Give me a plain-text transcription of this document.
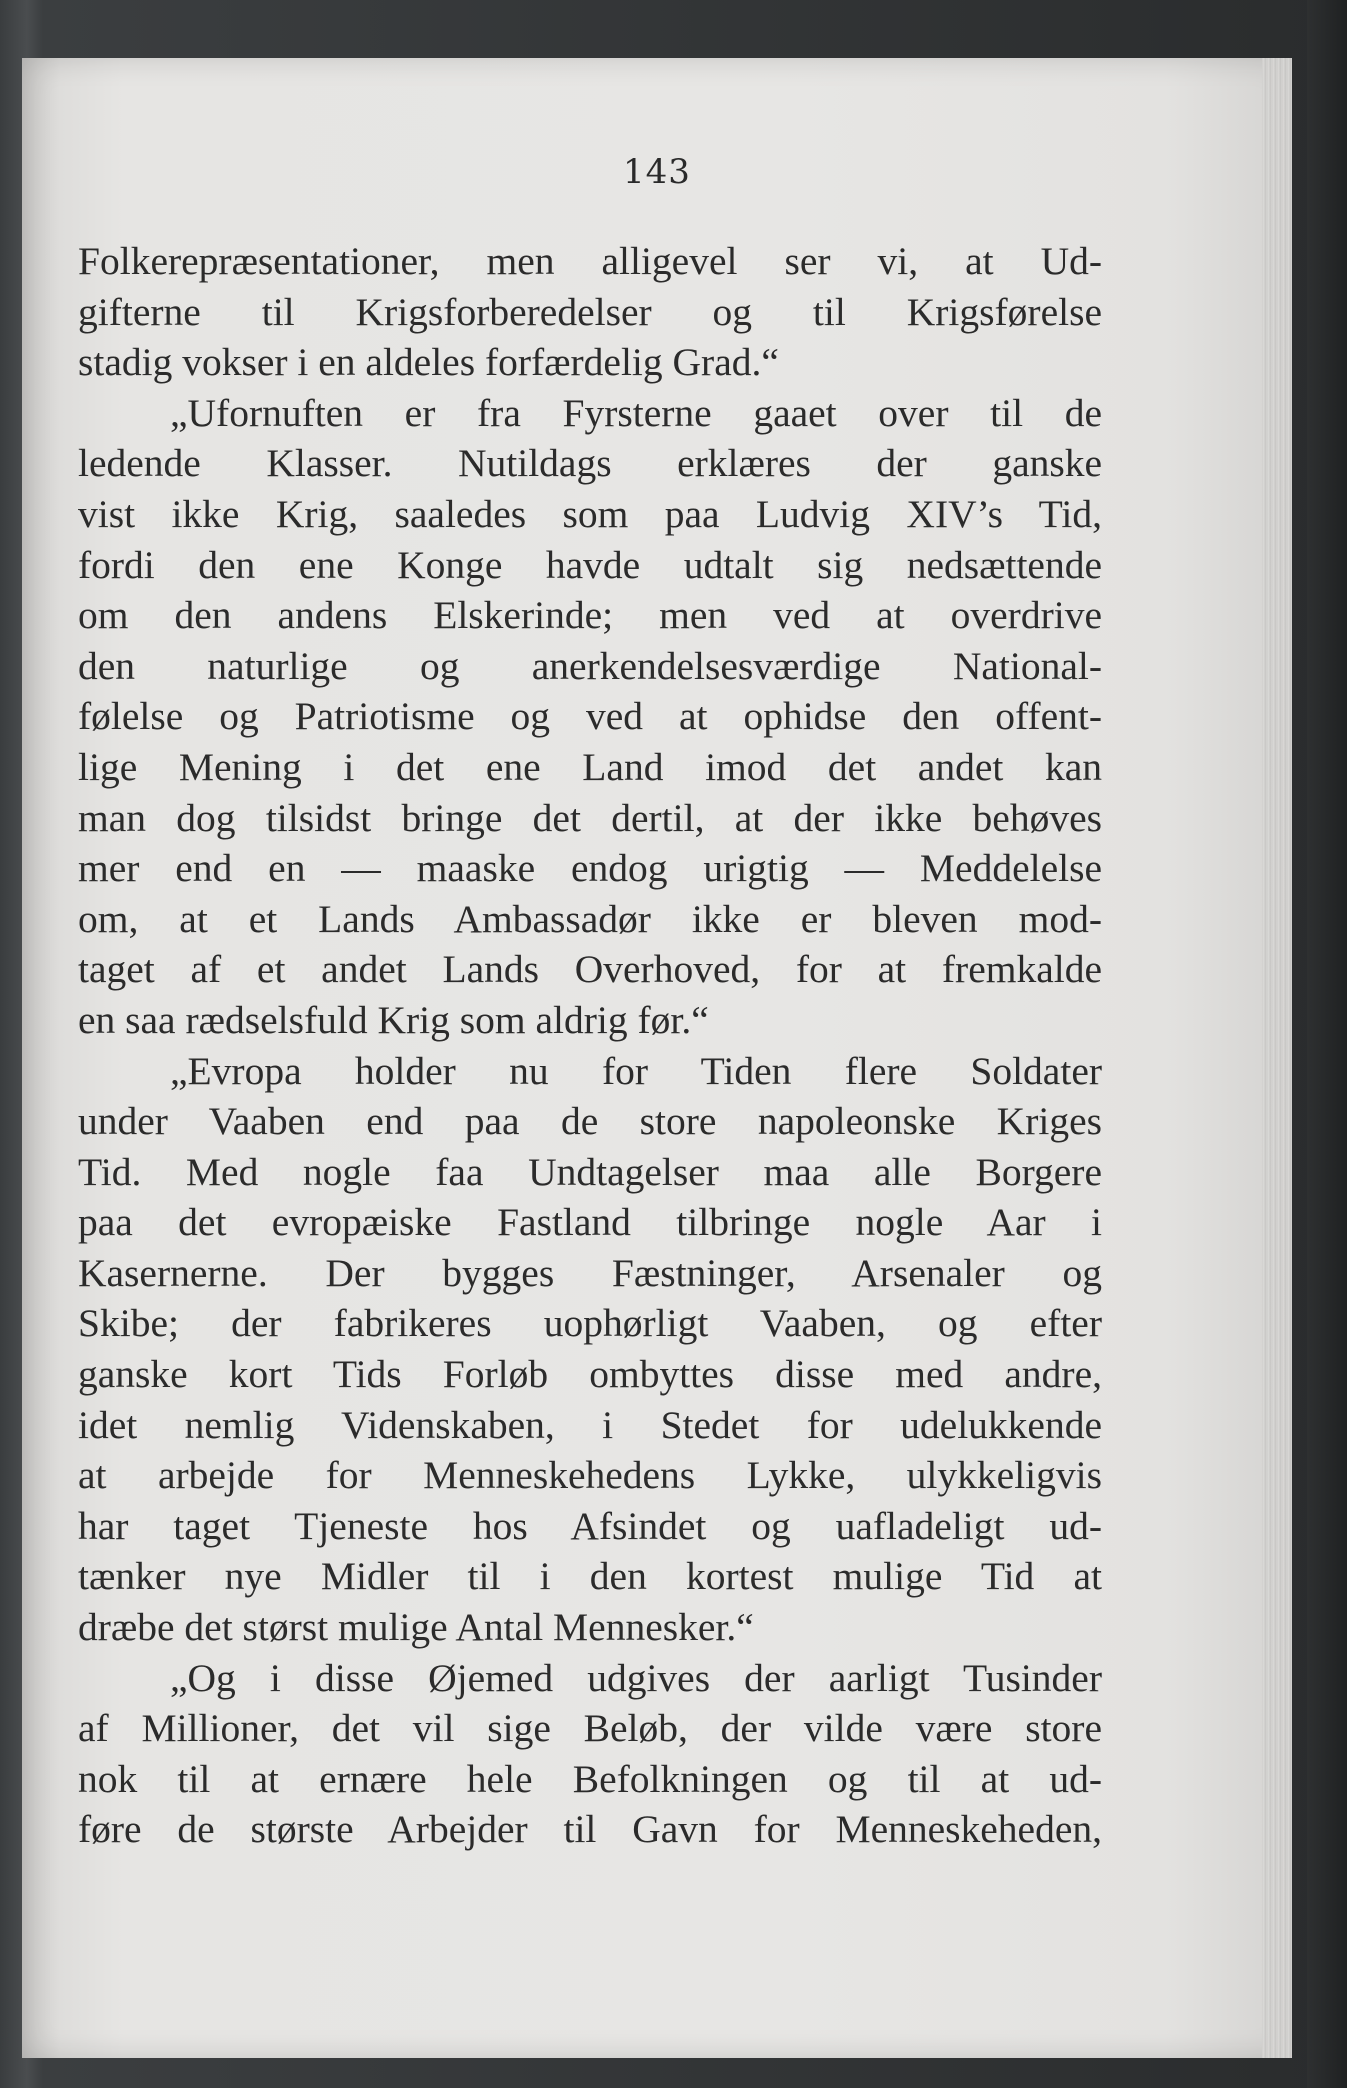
143
Folkerepræsentationer, men alligevel ser vi, at Ud-
gifterne til Krigsforberedelser og til Krigsførelse
stadig vokser i en aldeles forfærdelig Grad.“
„Ufornuften er fra Fyrsterne gaaet over til de
ledende Klasser. Nutildags erklæres der ganske
vist ikke Krig, saaledes som paa Ludvig XIV’s Tid,
fordi den ene Konge havde udtalt sig nedsættende
om den andens Elskerinde; men ved at overdrive
den naturlige og anerkendelsesværdige National-
følelse og Patriotisme og ved at ophidse den offent-
lige Mening i det ene Land imod det andet kan
man dog tilsidst bringe det dertil, at der ikke behøves
mer end en — maaske endog urigtig — Meddelelse
om, at et Lands Ambassadør ikke er bleven mod-
taget af et andet Lands Overhoved, for at fremkalde
en saa rædselsfuld Krig som aldrig før.“
„Evropa holder nu for Tiden flere Soldater
under Vaaben end paa de store napoleonske Kriges
Tid. Med nogle faa Undtagelser maa alle Borgere
paa det evropæiske Fastland tilbringe nogle Aar i
Kasernerne. Der bygges Fæstninger, Arsenaler og
Skibe; der fabrikeres uophørligt Vaaben, og efter
ganske kort Tids Forløb ombyttes disse med andre,
idet nemlig Videnskaben, i Stedet for udelukkende
at arbejde for Menneskehedens Lykke, ulykkeligvis
har taget Tjeneste hos Afsindet og uafladeligt ud-
tænker nye Midler til i den kortest mulige Tid at
dræbe det størst mulige Antal Mennesker.“
„Og i disse Øjemed udgives der aarligt Tusinder
af Millioner, det vil sige Beløb, der vilde være store
nok til at ernære hele Befolkningen og til at ud-
føre de største Arbejder til Gavn for Menneskeheden,
